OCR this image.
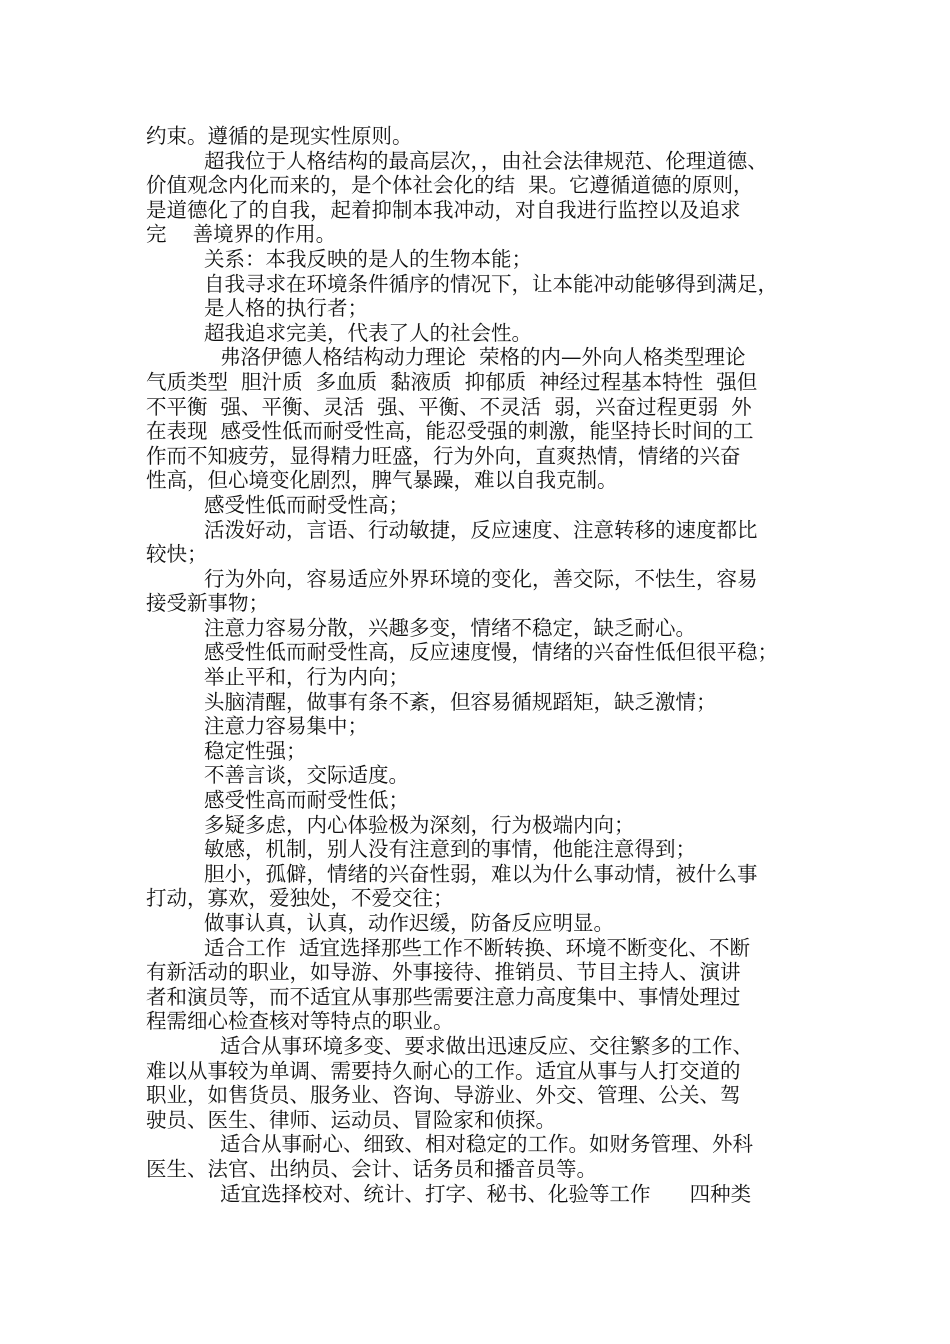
约束。遵循的是现实性原则。
超我位于人格结构的最高层次，，由社会法律规范、伦理道德、
价值观念内化而来的，是个体社会化的结  果。它遵循道德的原则，
是道德化了的自我，起着抑制本我冲动，对自我进行监控以及追求
完    善境界的作用。
关系：本我反映的是人的生物本能；
自我寻求在环境条件循序的情况下，让本能冲动能够得到满足，
是人格的执行者；
超我追求完美，代表了人的社会性。
弗洛伊德人格结构动力理论  荣格的内—外向人格类型理论
气质类型  胆汁质  多血质  黏液质  抑郁质  神经过程基本特性  强但
不平衡  强、平衡、灵活  强、平衡、不灵活  弱，兴奋过程更弱  外
在表现  感受性低而耐受性高，能忍受强的刺激，能坚持长时间的工
作而不知疲劳，显得精力旺盛，行为外向，直爽热情，情绪的兴奋
性高，但心境变化剧烈，脾气暴躁，难以自我克制。
感受性低而耐受性高；
活泼好动，言语、行动敏捷，反应速度、注意转移的速度都比
较快；
行为外向，容易适应外界环境的变化，善交际，不怯生，容易
接受新事物；
注意力容易分散，兴趣多变，情绪不稳定，缺乏耐心。
感受性低而耐受性高，反应速度慢，情绪的兴奋性低但很平稳；
举止平和，行为内向；
头脑清醒，做事有条不紊，但容易循规蹈矩，缺乏激情；
注意力容易集中；
稳定性强；
不善言谈，交际适度。
感受性高而耐受性低；
多疑多虑，内心体验极为深刻，行为极端内向；
敏感，机制，别人没有注意到的事情，他能注意得到；
胆小，孤僻，情绪的兴奋性弱，难以为什么事动情，被什么事
打动，寡欢，爱独处，不爱交往；
做事认真，认真，动作迟缓，防备反应明显。
适合工作  适宜选择那些工作不断转换、环境不断变化、不断
有新活动的职业，如导游、外事接待、推销员、节目主持人、演讲
者和演员等，而不适宜从事那些需要注意力高度集中、事情处理过
程需细心检查核对等特点的职业。
适合从事环境多变、要求做出迅速反应、交往繁多的工作、
难以从事较为单调、需要持久耐心的工作。适宜从事与人打交道的
职业，如售货员、服务业、咨询、导游业、外交、管理、公关、驾
驶员、医生、律师、运动员、冒险家和侦探。
适合从事耐心、细致、相对稳定的工作。如财务管理、外科
医生、法官、出纳员、会计、话务员和播音员等。
适宜选择校对、统计、打字、秘书、化验等工作      四种类
